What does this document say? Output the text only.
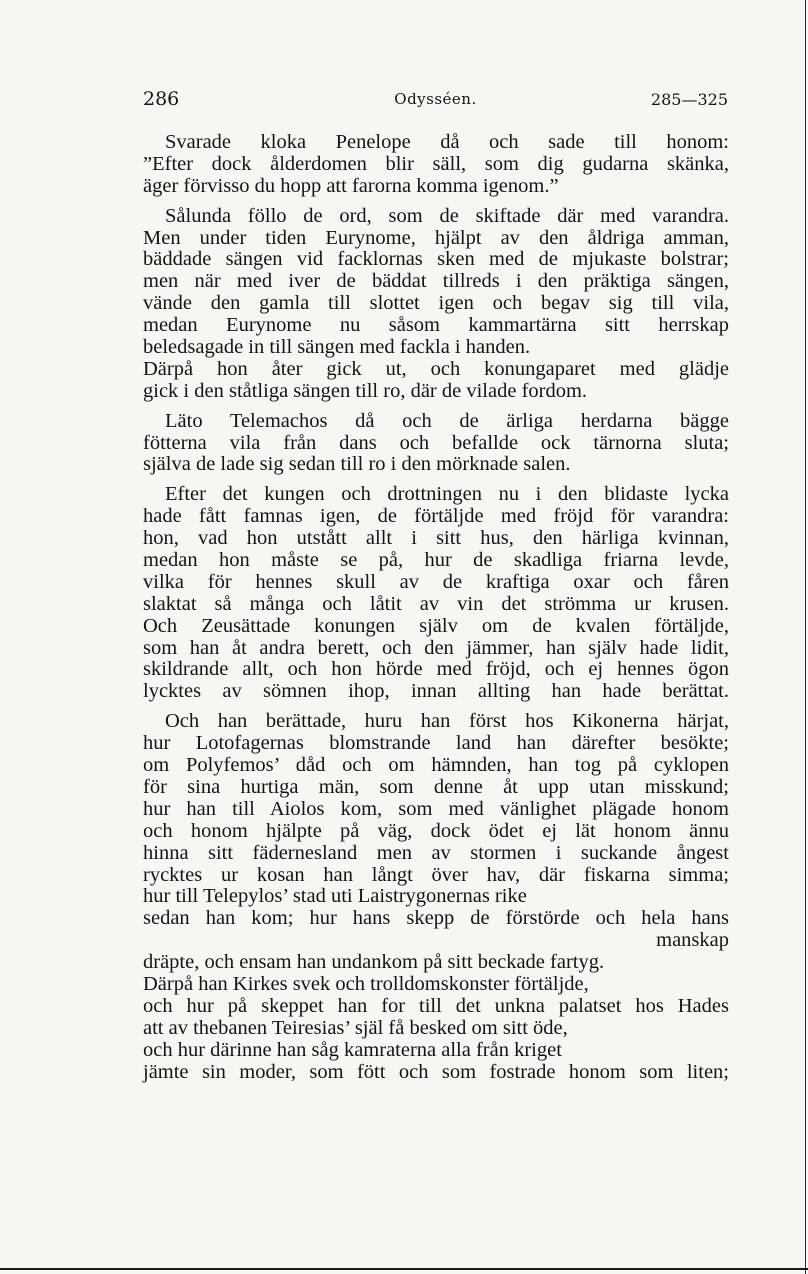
286	Odysséen.	285—325
Svarade kloka Penelope då och sade till honom:
”Efter dock ålderdomen blir säll, som dig gudarna skänka,
äger förvisso du hopp att farorna komma igenom.”
Sålunda föllo de ord, som de skiftade där med varandra.
Men under tiden Eurynome, hjälpt av den åldriga amman,
bäddade sängen vid facklornas sken med de mjukaste bolstrar;
men när med iver de bäddat tillreds i den präktiga sängen,
vände den gamla till slottet igen och begav sig till vila,
medan Eurynome nu såsom kammartärna sitt herrskap
beledsagade in till sängen med fackla i handen.
Därpå hon åter gick ut, och konungaparet med glädje
gick i den ståtliga sängen till ro, där de vilade fordom.
Läto Telemachos då och de ärliga herdarna bägge
fötterna vila från dans och befallde ock tärnorna sluta;
själva de lade sig sedan till ro i den mörknade salen.
Efter det kungen och drottningen nu i den blidaste lycka
hade fått famnas igen, de förtäljde med fröjd för varandra:
hon, vad hon utstått allt i sitt hus, den härliga kvinnan,
medan hon måste se på, hur de skadliga friarna levde,
vilka för hennes skull av de kraftiga oxar och fåren
slaktat så många och låtit av vin det strömma ur krusen.
Och Zeusättade konungen själv om de kvalen förtäljde,
som han åt andra berett, och den jämmer, han själv hade lidit,
skildrande allt, och hon hörde med fröjd, och ej hennes ögon
lycktes av sömnen ihop, innan allting han hade berättat.
Och han berättade, huru han först hos Kikonerna härjat,
hur Lotofagernas blomstrande land han därefter besökte;
om Polyfemos’ dåd och om hämnden, han tog på cyklopen
för sina hurtiga män, som denne åt upp utan misskund;
hur han till Aiolos kom, som med vänlighet plägade honom
och honom hjälpte på väg, dock ödet ej lät honom ännu
hinna sitt fädernesland men av stormen i suckande ångest
rycktes ur kosan han långt över hav, där fiskarna simma;
hur till Telepylos’ stad uti Laistrygonernas rike
sedan han kom; hur hans skepp de förstörde och hela hans
manskap
dräpte, och ensam han undankom på sitt beckade fartyg.
Därpå han Kirkes svek och trolldomskonster förtäljde,
och hur på skeppet han for till det unkna palatset hos Hades
att av thebanen Teiresias’ själ få besked om sitt öde,
och hur därinne han såg kamraterna alla från kriget
jämte sin moder, som fött och som fostrade honom som liten;
